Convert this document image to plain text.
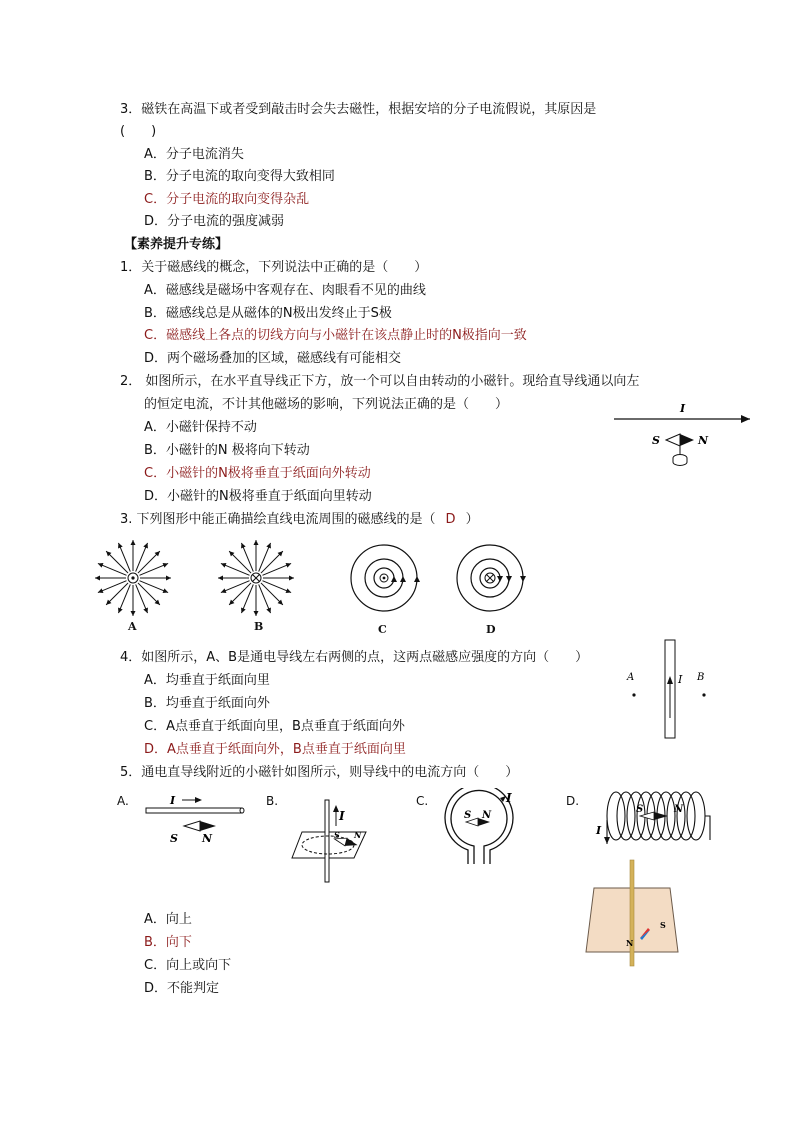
3．磁铁在高温下或者受到敲击时会失去磁性，根据安培的分子电流假说，其原因是
(　　)
A．分子电流消失
B．分子电流的取向变得大致相同
C．分子电流的取向变得杂乱
D．分子电流的强度减弱
【素养提升专练】
1．关于磁感线的概念，下列说法中正确的是（　　）
A．磁感线是磁场中客观存在、肉眼看不见的曲线
B．磁感线总是从磁体的N极出发终止于S极
C．磁感线上各点的切线方向与小磁针在该点静止时的N极指向一致
D．两个磁场叠加的区域，磁感线有可能相交
2． 如图所示，在水平直导线正下方，放一个可以自由转动的小磁针。现给直导线通以向左
的恒定电流，不计其他磁场的影响，下列说法正确的是（　　）
A．小磁针保持不动
B．小磁针的N 极将向下转动
C．小磁针的N极将垂直于纸面向外转动
D．小磁针的N极将垂直于纸面向里转动
I
S	N
3. 下列图形中能正确描绘直线电流周围的磁感线的是（ D ）
A	B	C	D
4．如图所示，A、B是通电导线左右两侧的点，这两点磁感应强度的方向（　　）
A．均垂直于纸面向里
B．均垂直于纸面向外
C．A点垂直于纸面向里，B点垂直于纸面向外
D．A点垂直于纸面向外，B点垂直于纸面向里
I
A	B
5．通电直导线附近的小磁针如图所示，则导线中的电流方向（　　）
A.	B.	C.	D.
I
S N
I
S N
I
S N
I
S	N
N
S
A．向上
B．向下
C．向上或向下
D．不能判定
